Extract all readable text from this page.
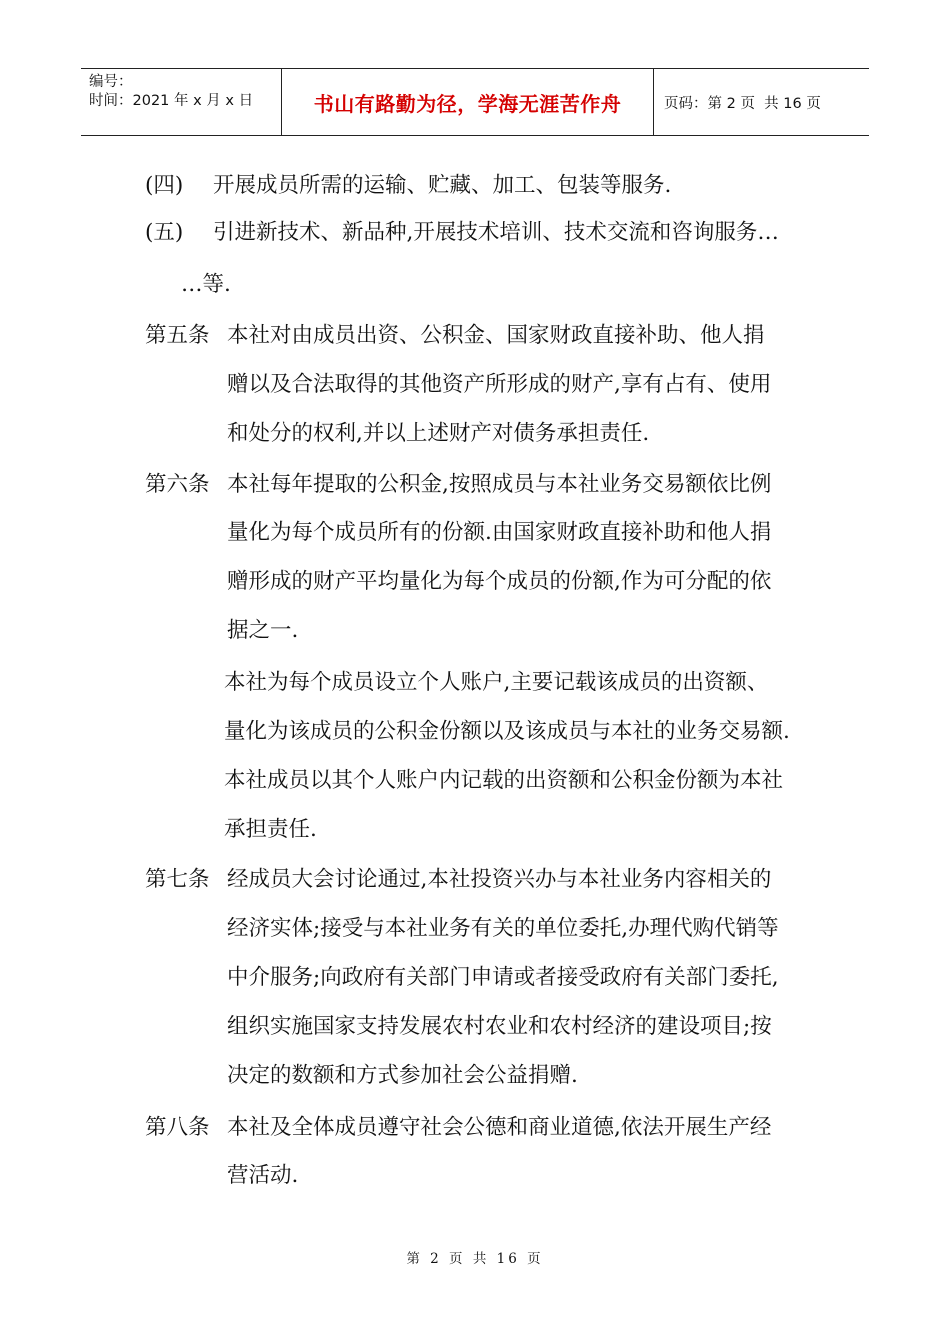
编号：
时间：2021 年 x 月 x 日	书山有路勤为径，学海无涯苦作舟	页码：第 2 页  共 16 页
(四) 开展成员所需的运输、贮藏、加工、包装等服务.
(五) 引进新技术、新品种,开展技术培训、技术交流和咨询服务…
…等.
第五条 本社对由成员出资、公积金、国家财政直接补助、他人捐
赠以及合法取得的其他资产所形成的财产,享有占有、使用
和处分的权利,并以上述财产对债务承担责任.
第六条 本社每年提取的公积金,按照成员与本社业务交易额依比例
量化为每个成员所有的份额.由国家财政直接补助和他人捐
赠形成的财产平均量化为每个成员的份额,作为可分配的依
据之一.
本社为每个成员设立个人账户,主要记载该成员的出资额、
量化为该成员的公积金份额以及该成员与本社的业务交易额.
本社成员以其个人账户内记载的出资额和公积金份额为本社
承担责任.
第七条 经成员大会讨论通过,本社投资兴办与本社业务内容相关的
经济实体;接受与本社业务有关的单位委托,办理代购代销等
中介服务;向政府有关部门申请或者接受政府有关部门委托,
组织实施国家支持发展农村农业和农村经济的建设项目;按
决定的数额和方式参加社会公益捐赠.
第八条 本社及全体成员遵守社会公德和商业道德,依法开展生产经
营活动.
第 2 页 共 16 页
